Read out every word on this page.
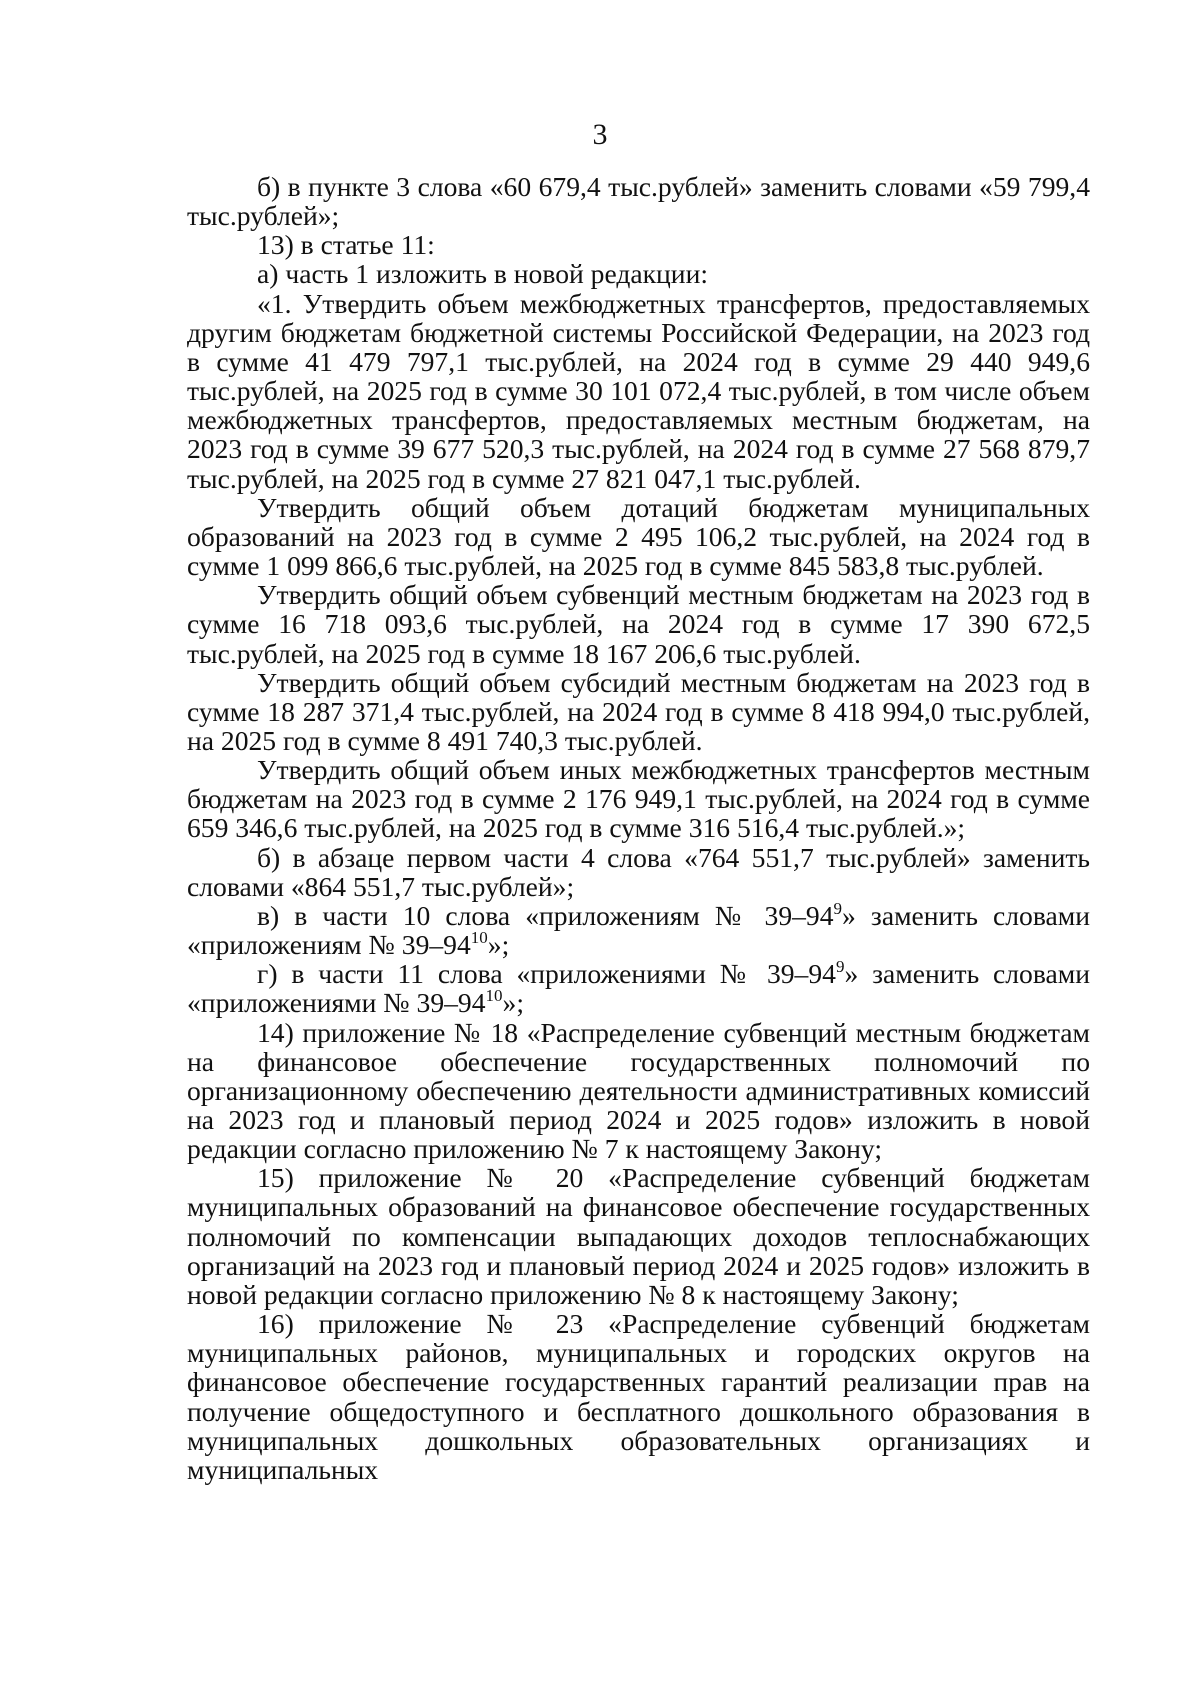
3

б) в пункте 3 слова «60 679,4 тыс.рублей» заменить словами «59 799,4 тыс.рублей»;

13) в статье 11:

а) часть 1 изложить в новой редакции:

«1. Утвердить объем межбюджетных трансфертов, предоставляемых другим бюджетам бюджетной системы Российской Федерации, на 2023 год в сумме 41 479 797,1 тыс.рублей, на 2024 год в сумме 29 440 949,6 тыс.рублей, на 2025 год в сумме 30 101 072,4 тыс.рублей, в том числе объем межбюджетных трансфертов, предоставляемых местным бюджетам, на 2023 год в сумме 39 677 520,3 тыс.рублей, на 2024 год в сумме 27 568 879,7 тыс.рублей, на 2025 год в сумме 27 821 047,1 тыс.рублей.

Утвердить общий объем дотаций бюджетам муниципальных образований на 2023 год в сумме 2 495 106,2 тыс.рублей, на 2024 год в сумме 1 099 866,6 тыс.рублей, на 2025 год в сумме 845 583,8 тыс.рублей.

Утвердить общий объем субвенций местным бюджетам на 2023 год в сумме 16 718 093,6 тыс.рублей, на 2024 год в сумме 17 390 672,5 тыс.рублей, на 2025 год в сумме 18 167 206,6 тыс.рублей.

Утвердить общий объем субсидий местным бюджетам на 2023 год в сумме 18 287 371,4 тыс.рублей, на 2024 год в сумме 8 418 994,0 тыс.рублей, на 2025 год в сумме 8 491 740,3 тыс.рублей.

Утвердить общий объем иных межбюджетных трансфертов местным бюджетам на 2023 год в сумме 2 176 949,1 тыс.рублей, на 2024 год в сумме 659 346,6 тыс.рублей, на 2025 год в сумме 316 516,4 тыс.рублей.»;

б) в абзаце первом части 4 слова «764 551,7 тыс.рублей» заменить словами «864 551,7 тыс.рублей»;

в) в части 10 слова «приложениям № $39-94^9$» заменить словами «приложениям № $39-94^{10}$»;

г) в части 11 слова «приложениями № $39-94^9$» заменить словами «приложениями № $39-94^{10}$»;

14) приложение № 18 «Распределение субвенций местным бюджетам на финансовое обеспечение государственных полномочий по организационному обеспечению деятельности административных комиссий на 2023 год и плановый период 2024 и 2025 годов» изложить в новой редакции согласно приложению № 7 к настоящему Закону;

15) приложение № 20 «Распределение субвенций бюджетам муниципальных образований на финансовое обеспечение государственных полномочий по компенсации выпадающих доходов теплоснабжающих организаций на 2023 год и плановый период 2024 и 2025 годов» изложить в новой редакции согласно приложению № 8 к настоящему Закону;

16) приложение № 23 «Распределение субвенций бюджетам муниципальных районов, муниципальных и городских округов на финансовое обеспечение государственных гарантий реализации прав на получение общедоступного и бесплатного дошкольного образования в муниципальных дошкольных образовательных организациях и муниципальных
